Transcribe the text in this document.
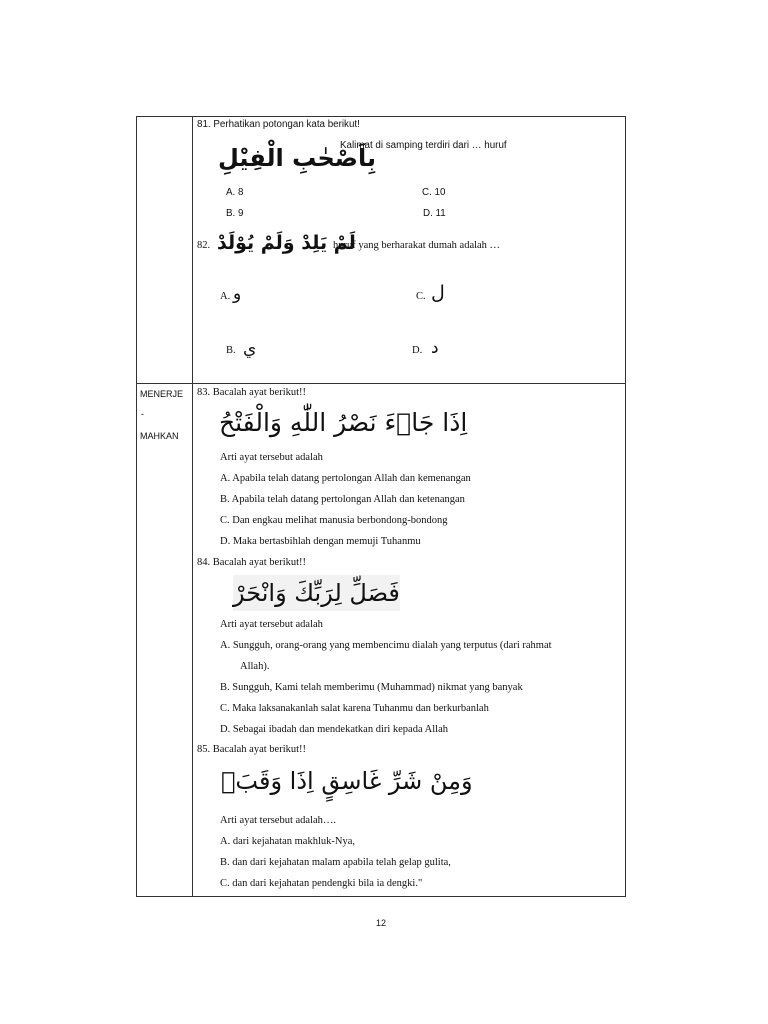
MENERJE
-
MAHKAN
81. Perhatikan potongan kata berikut!
بِاَصْحٰبِ الْفِيْلِ
Kalimat di samping terdiri dari … huruf
A. 8
B. 9
C. 10
D. 11
82. لَمْ يَلِدْ وَلَمْ يُوْلَدْ
huruf yang berharakat dumah adalah …
A. و	C. ل
B. ي	D. د
83. Bacalah ayat berikut!!
اِذَا جَاۤءَ نَصْرُ اللّٰهِ وَالْفَتْحُ
Arti ayat tersebut adalah
A. Apabila telah datang pertolongan Allah dan kemenangan
B. Apabila telah datang pertolongan Allah dan ketenangan
C. Dan engkau melihat manusia berbondong-bondong
D. Maka bertasbihlah dengan memuji Tuhanmu
84. Bacalah ayat berikut!!
فَصَلِّ لِرَبِّكَ وَانْحَرْ
Arti ayat tersebut adalah
A. Sungguh, orang-orang yang membencimu dialah yang terputus (dari rahmat
Allah).
B. Sungguh, Kami telah memberimu (Muhammad) nikmat yang banyak
C. Maka laksanakanlah salat karena Tuhanmu dan berkurbanlah
D. Sebagai ibadah dan mendekatkan diri kepada Allah
85. Bacalah ayat berikut!!
وَمِنْ شَرِّ غَاسِقٍ اِذَا وَقَبَۙ
Arti ayat tersebut adalah….
A. dari kejahatan makhluk-Nya,
B. dan dari kejahatan malam apabila telah gelap gulita,
C. dan dari kejahatan pendengki bila ia dengki."
12
